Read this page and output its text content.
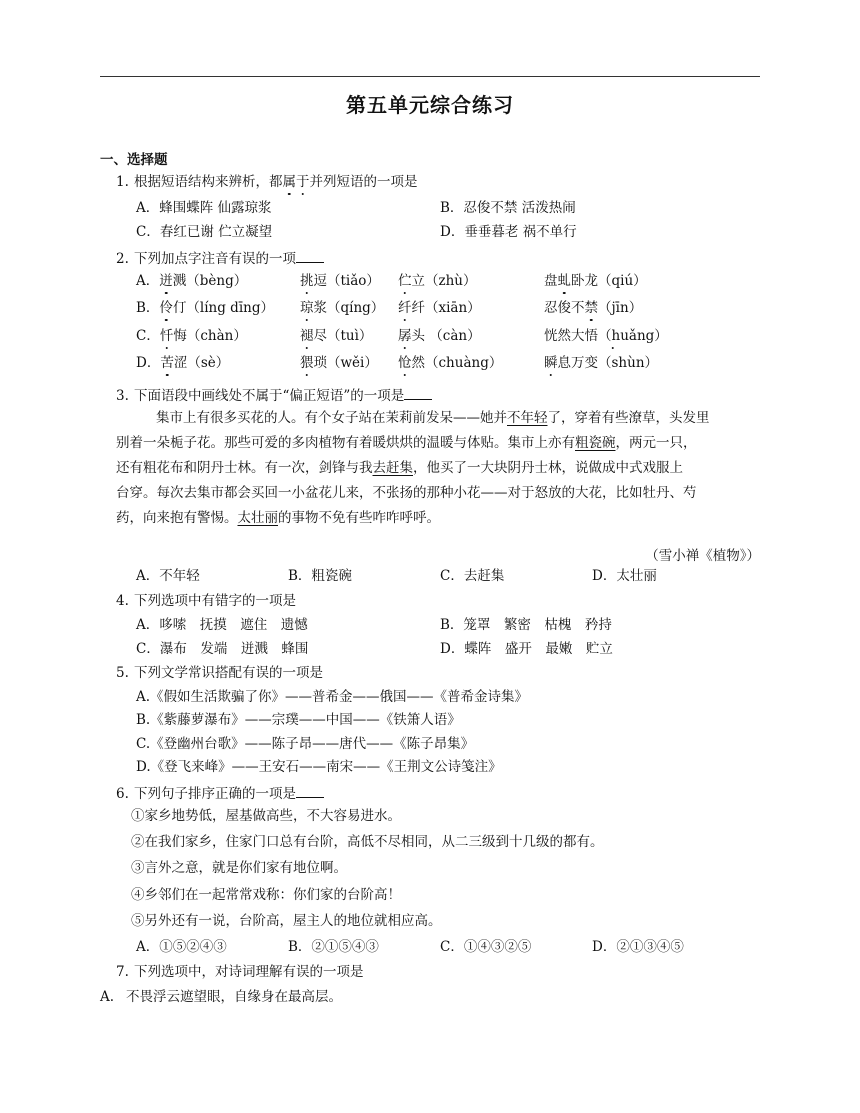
第五单元综合练习
一、选择题
1. 根据短语结构来辨析，都属于并列短语的一项是
A．蜂围蝶阵 仙露琼浆	B．忍俊不禁 活泼热闹
C．春红已谢 伫立凝望	D．垂垂暮老 祸不单行
2. 下列加点字注音有误的一项
A．迸溅（bèng）	挑逗（tiǎo） 伫立（zhù）	盘虬卧龙（qiú）
B．伶仃（líng dīng） 琼浆（qíng） 纤纤（xiān）	忍俊不禁（jīn）
C．忏悔（chàn）	褪尽（tuì） 孱头 （càn）	恍然大悟（huǎng）
D．苦涩（sè）	猥琐（wěi） 怆然（chuàng）	瞬息万变（shùn）
3. 下面语段中画线处不属于“偏正短语”的一项是
集市上有很多买花的人。有个女子站在茉莉前发呆——她并不年轻了，穿着有些潦草，头发里
别着一朵栀子花。那些可爱的多肉植物有着暖烘烘的温暖与体贴。集市上亦有粗瓷碗，两元一只，
还有粗花布和阴丹士林。有一次，剑锋与我去赶集，他买了一大块阴丹士林，说做成中式戏服上
台穿。每次去集市都会买回一小盆花儿来，不张扬的那种小花——对于怒放的大花，比如牡丹、芍
药，向来抱有警惕。太壮丽的事物不免有些咋咋呼呼。
（雪小禅《植物》）
A．不年轻	B．粗瓷碗	C．去赶集	D．太壮丽
4. 下列选项中有错字的一项是
A．哆嗦　抚摸　遮住　遗憾	B．笼罩　繁密　枯槐　矜持
C．瀑布　发端　迸溅　蜂围	D．蝶阵　盛开　最嫩　贮立
5. 下列文学常识搭配有误的一项是
A.《假如生活欺骗了你》——普希金——俄国——《普希金诗集》
B.《紫藤萝瀑布》——宗璞——中国——《铁箫人语》
C.《登幽州台歌》——陈子昂——唐代——《陈子昂集》
D.《登飞来峰》——王安石——南宋——《王荆文公诗笺注》
6. 下列句子排序正确的一项是
①家乡地势低，屋基做高些，不大容易进水。
②在我们家乡，住家门口总有台阶，高低不尽相同，从二三级到十几级的都有。
③言外之意，就是你们家有地位啊。
④乡邻们在一起常常戏称：你们家的台阶高！
⑤另外还有一说，台阶高，屋主人的地位就相应高。
A．①⑤②④③	B．②①⑤④③	C．①④③②⑤	D．②①③④⑤
7. 下列选项中，对诗词理解有误的一项是
A. 不畏浮云遮望眼，自缘身在最高层。
